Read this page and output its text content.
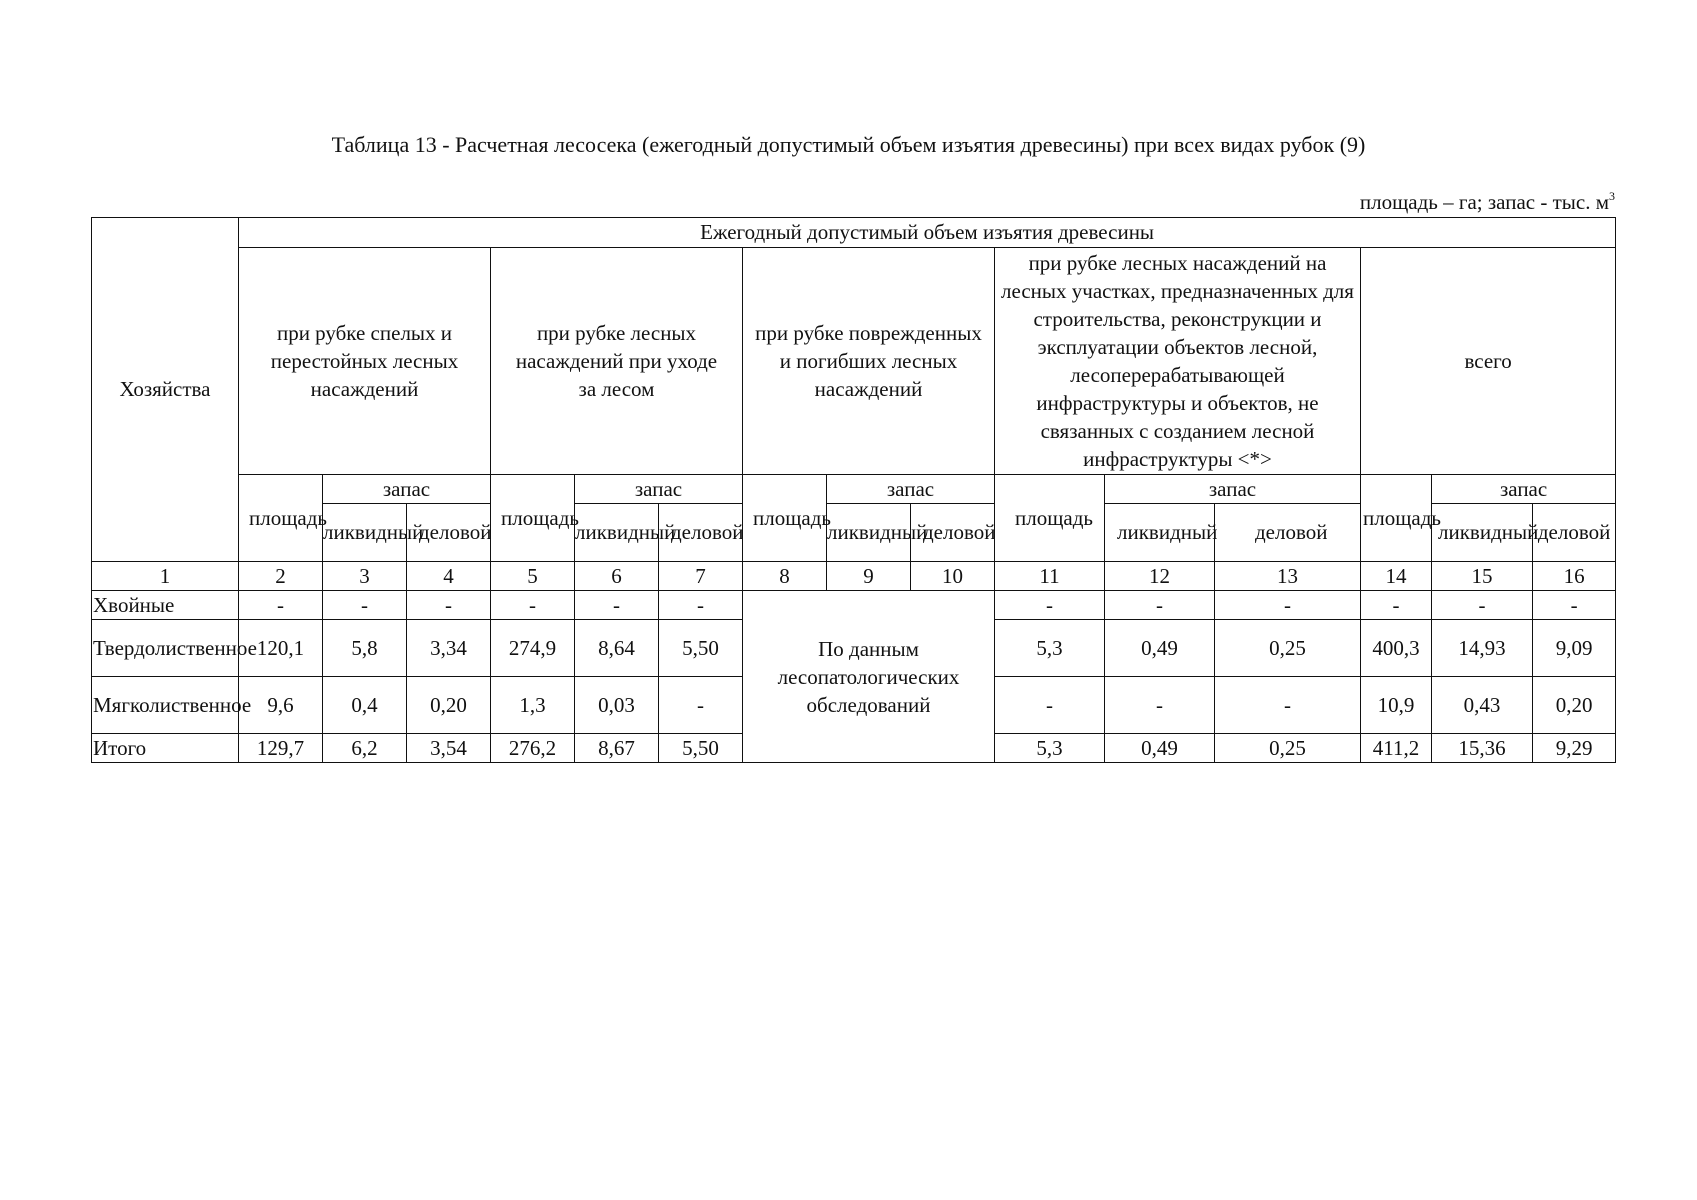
Таблица 13 - Расчетная лесосека (ежегодный допустимый объем изъятия древесины) при всех видах рубок (9)
площадь – га; запас - тыс. $м^3$
Хозяйства	Ежегодный допустимый объем изъятия древесины														

	при рубке спелых и перестойных лесных насаждений			при рубке лесных насаждений при уходе за лесом			при рубке поврежденных и погибших лесных насаждений			при рубке лесных насаждений на лесных участках, предназначенных для строительства, реконструкции и эксплуатации объектов лесной, лесоперерабатывающей инфраструктуры и объектов, не связанных с созданием лесной инфраструктуры <*>			всего		

	площадь	запас		площадь	запас		площадь	запас		площадь	запас		площадь	запас	

		ликвидный	деловой		ликвидный	деловой		ликвидный	деловой		ликвидный	деловой		ликвидный	деловой

1	2	3	4	5	6	7	8	9	10	11	12	13	14	15	16
Хвойные	-	-	-	-	-	-	По данным лесопатологических обследований			-	-	-	-	-	-

Твердолиственное	120,1	5,8	3,34	274,9	8,64	5,50				5,3	0,49	0,25	400,3	14,93	9,09

Мягколиственное	9,6	0,4	0,20	1,3	0,03	-				-	-	-	10,9	0,43	0,20
Итого	129,7	6,2	3,54	276,2	8,67	5,50				5,3	0,49	0,25	411,2	15,36	9,29
